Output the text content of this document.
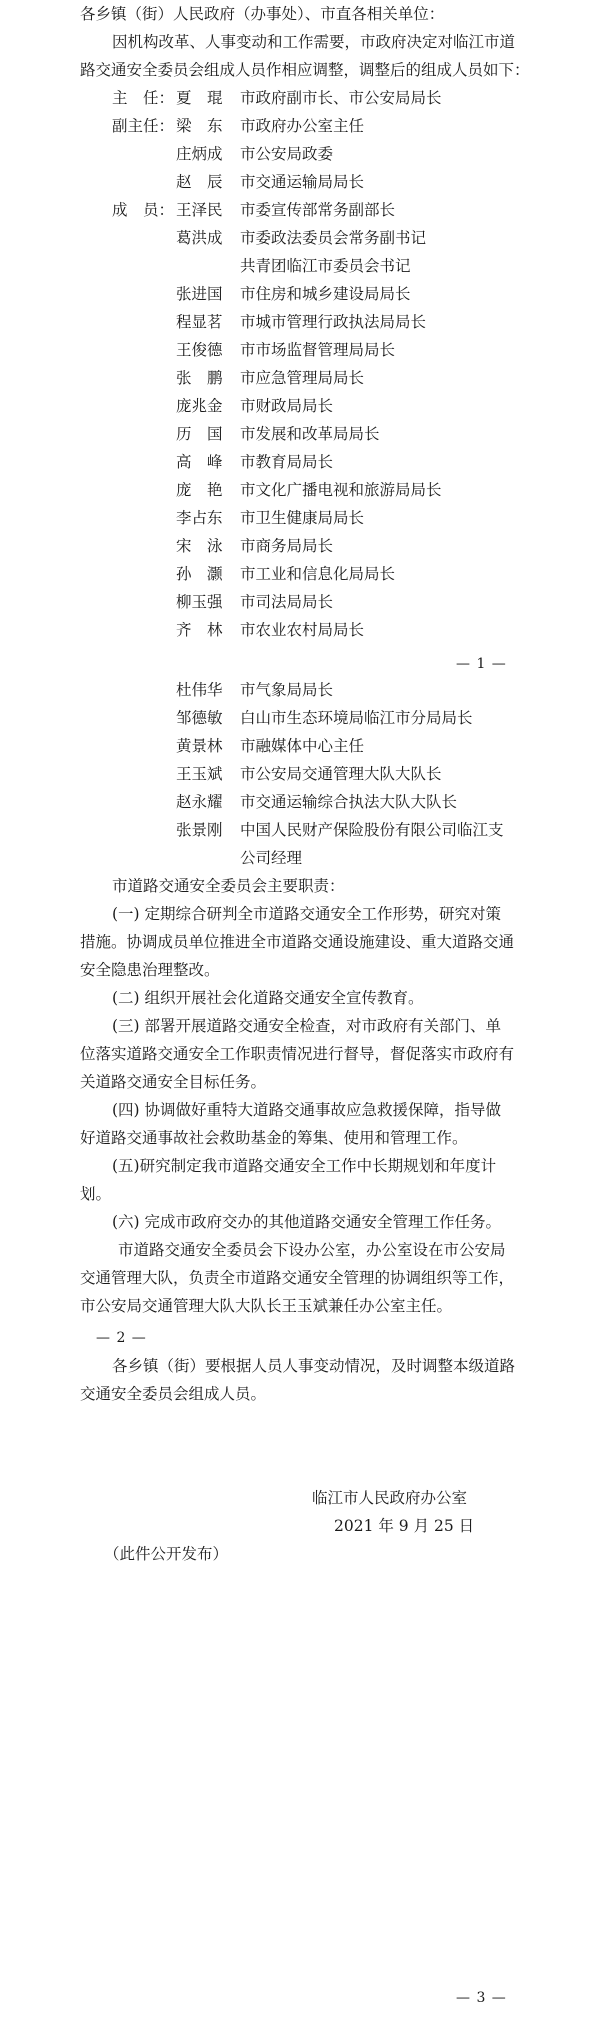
各乡镇（街）人民政府（办事处）、市直各相关单位：
因机构改革、人事变动和工作需要，市政府决定对临江市道
路交通安全委员会组成人员作相应调整，调整后的组成人员如下：
主　任： 夏　琨 市政府副市长、市公安局局长
副主任： 梁　东 市政府办公室主任
庄炳成 市公安局政委
赵　辰 市交通运输局局长
成　员： 王泽民 市委宣传部常务副部长
葛洪成 市委政法委员会常务副书记
共青团临江市委员会书记
张进国 市住房和城乡建设局局长
程显茗 市城市管理行政执法局局长
王俊德 市市场监督管理局局长
张　鹏 市应急管理局局长
庞兆金 市财政局局长
历　国 市发展和改革局局长
高　峰 市教育局局长
庞　艳 市文化广播电视和旅游局局长
李占东 市卫生健康局局长
宋　泳 市商务局局长
孙　灏 市工业和信息化局局长
柳玉强 市司法局局长
齐　林 市农业农村局局长
— 1 —
杜伟华 市气象局局长
邹德敏 白山市生态环境局临江市分局局长
黄景林 市融媒体中心主任
王玉斌 市公安局交通管理大队大队长
赵永耀 市交通运输综合执法大队大队长
张景刚 中国人民财产保险股份有限公司临江支
公司经理
市道路交通安全委员会主要职责：
(一) 定期综合研判全市道路交通安全工作形势，研究对策
措施。协调成员单位推进全市道路交通设施建设、重大道路交通
安全隐患治理整改。
(二) 组织开展社会化道路交通安全宣传教育。
(三) 部署开展道路交通安全检查，对市政府有关部门、单
位落实道路交通安全工作职责情况进行督导，督促落实市政府有
关道路交通安全目标任务。
(四) 协调做好重特大道路交通事故应急救援保障，指导做
好道路交通事故社会救助基金的筹集、使用和管理工作。
(五)研究制定我市道路交通安全工作中长期规划和年度计
划。
(六) 完成市政府交办的其他道路交通安全管理工作任务。
市道路交通安全委员会下设办公室，办公室设在市公安局
交通管理大队，负责全市道路交通安全管理的协调组织等工作，
市公安局交通管理大队大队长王玉斌兼任办公室主任。
— 2 —
各乡镇（街）要根据人员人事变动情况，及时调整本级道路
交通安全委员会组成人员。
临江市人民政府办公室
2021 年 9 月 25 日
（此件公开发布）
— 3 —
